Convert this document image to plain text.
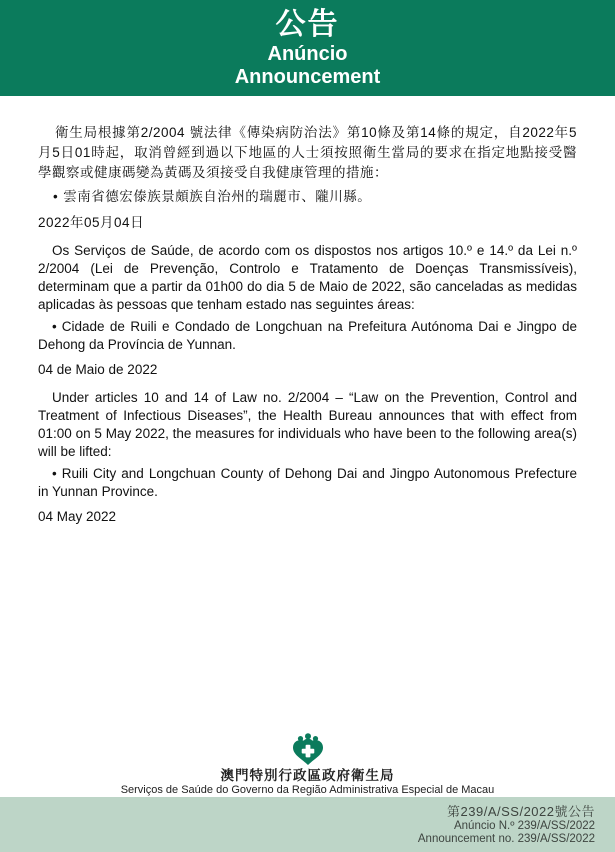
公告
Anúncio
Announcement

衛生局根據第2/2004 號法律《傳染病防治法》第10條及第14條的規定，自2022年5月5日01時起，取消曾經到過以下地區的人士須按照衛生當局的要求在指定地點接受醫學觀察或健康碼變為黃碼及須接受自我健康管理的措施：

• 雲南省德宏傣族景頗族自治州的瑞麗市、隴川縣。

2022年05月04日

Os Serviços de Saúde, de acordo com os dispostos nos artigos 10.º e 14.º da Lei n.º 2/2004 (Lei de Prevenção, Controlo e Tratamento de Doenças Transmissíveis), determinam que a partir da 01h00 do dia 5 de Maio de 2022, são canceladas as medidas aplicadas às pessoas que tenham estado nas seguintes áreas:

• Cidade de Ruili e Condado de Longchuan na Prefeitura Autónoma Dai e Jingpo de Dehong da Província de Yunnan.

04 de Maio de 2022

Under articles 10 and 14 of Law no. 2/2004 – “Law on the Prevention, Control and Treatment of Infectious Diseases”, the Health Bureau announces that with effect from 01:00 on 5 May 2022, the measures for individuals who have been to the following area(s) will be lifted:

• Ruili City and Longchuan County of Dehong Dai and Jingpo Autonomous Prefecture in Yunnan Province.

04 May 2022

澳門特別行政區政府衛生局
Serviços de Saúde do Governo da Região Administrativa Especial de Macau
第239/A/SS/2022號公告
Anúncio N.º 239/A/SS/2022
Announcement no. 239/A/SS/2022
